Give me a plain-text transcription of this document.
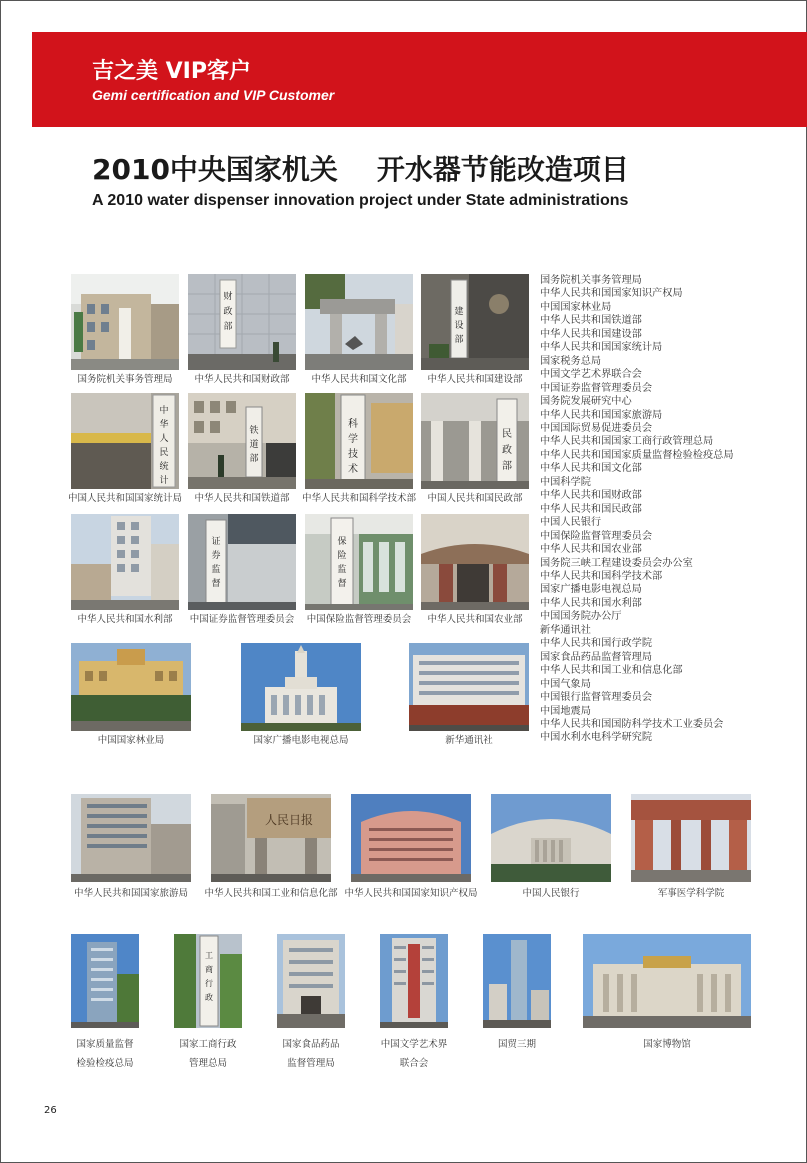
吉之美 VIP客户
Gemi certification and VIP Customer
2010中央国家机关    开水器节能改造项目
A 2010 water dispenser innovation project under State administrations
国务院机关事务管理局
财
政
部
中华人民共和国财政部	中华人民共和国文化部
建
设
部
中华人民共和国建设部
中
华
人
民
统
计
中国人民共和国国家统计局
铁
道
部
中华人民共和国铁道部
科
学
技
术
中华人民共和国科学技术部
民
政
部
中国人民共和国民政部
中华人民共和国水利部
证
券
监
督
中国证券监督管理委员会
保
险
监
督
中国保险监督管理委员会	中华人民共和国农业部
中国国家林业局	国家广播电影电视总局	新华通讯社
国务院机关事务管理局
中华人民共和国国家知识产权局
中国国家林业局
中华人民共和国铁道部
中华人民共和国建设部
中华人民共和国国家统计局
国家税务总局
中国文学艺术界联合会
中国证券监督管理委员会
国务院发展研究中心
中华人民共和国国家旅游局
中国国际贸易促进委员会
中华人民共和国国家工商行政管理总局
中华人民共和国国家质量监督检验检疫总局
中华人民共和国文化部
中国科学院
中华人民共和国财政部
中华人民共和国民政部
中国人民银行
中国保险监督管理委员会
中华人民共和国农业部
国务院三峡工程建设委员会办公室
中华人民共和国科学技术部
国家广播电影电视总局
中华人民共和国水利部
中国国务院办公厅
新华通讯社
中华人民共和国行政学院
国家食品药品监督管理局
中华人民共和国工业和信息化部
中国气象局
中国银行监督管理委员会
中国地震局
中华人民共和国国防科学技术工业委员会
中国水利水电科学研究院
中华人民共和国国家旅游局
人民日报
中华人民共和国工业和信息化部 中华人民共和国国家知识产权局	中国人民银行	军事医学科学院
国家质量监督
检验检疫总局
工
商
行
政
国家工商行政
管理总局
国家食品药品
监督管理局
中国文学艺术界
联合会
国贸三期	国家博物馆
26
